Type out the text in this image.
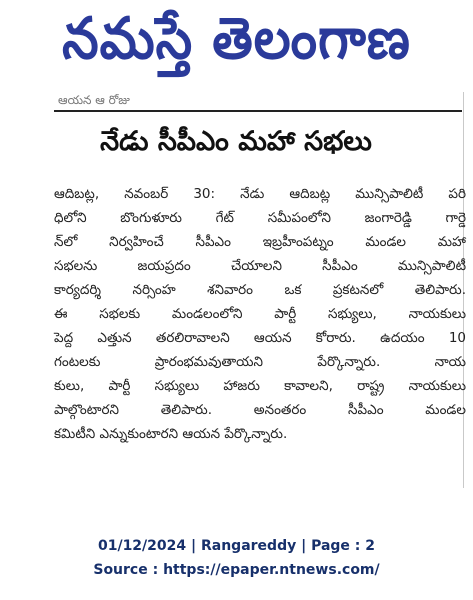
నమస్తే తెలంగాణ
ఆయన ఆ రోజు
నేడు సీపీఎం మహా సభలు
ఆదిబట్ల, నవంబర్ 30: నేడు ఆదిబట్ల మున్సిపాలిటీ పరి
ధిలోని బొంగుళూరు గేట్ సమీపంలోని జంగారెడ్డి గార్డె
న్‌లో నిర్వహించే సీపీఎం ఇబ్రహీంపట్నం మండల మహా
సభలను జయప్రదం చేయాలని సీపీఎం మున్సిపాలిటీ
కార్యదర్శి నర్సింహ శనివారం ఒక ప్రకటనలో తెలిపారు.
ఈ సభలకు మండలంలోని పార్టీ సభ్యులు, నాయకులు
పెద్ద ఎత్తున తరలిరావాలని ఆయన కోరారు. ఉదయం 10
గంటలకు ప్రారంభమవుతాయని పేర్కొన్నారు. నాయ
కులు, పార్టీ సభ్యులు హాజరు కావాలని, రాష్ట్ర నాయకులు
పాల్గొంటారని తెలిపారు. అనంతరం సీపీఎం మండల
కమిటీని ఎన్నుకుంటారని ఆయన పేర్కొన్నారు.
01/12/2024 | Rangareddy | Page : 2
Source : https://epaper.ntnews.com/
